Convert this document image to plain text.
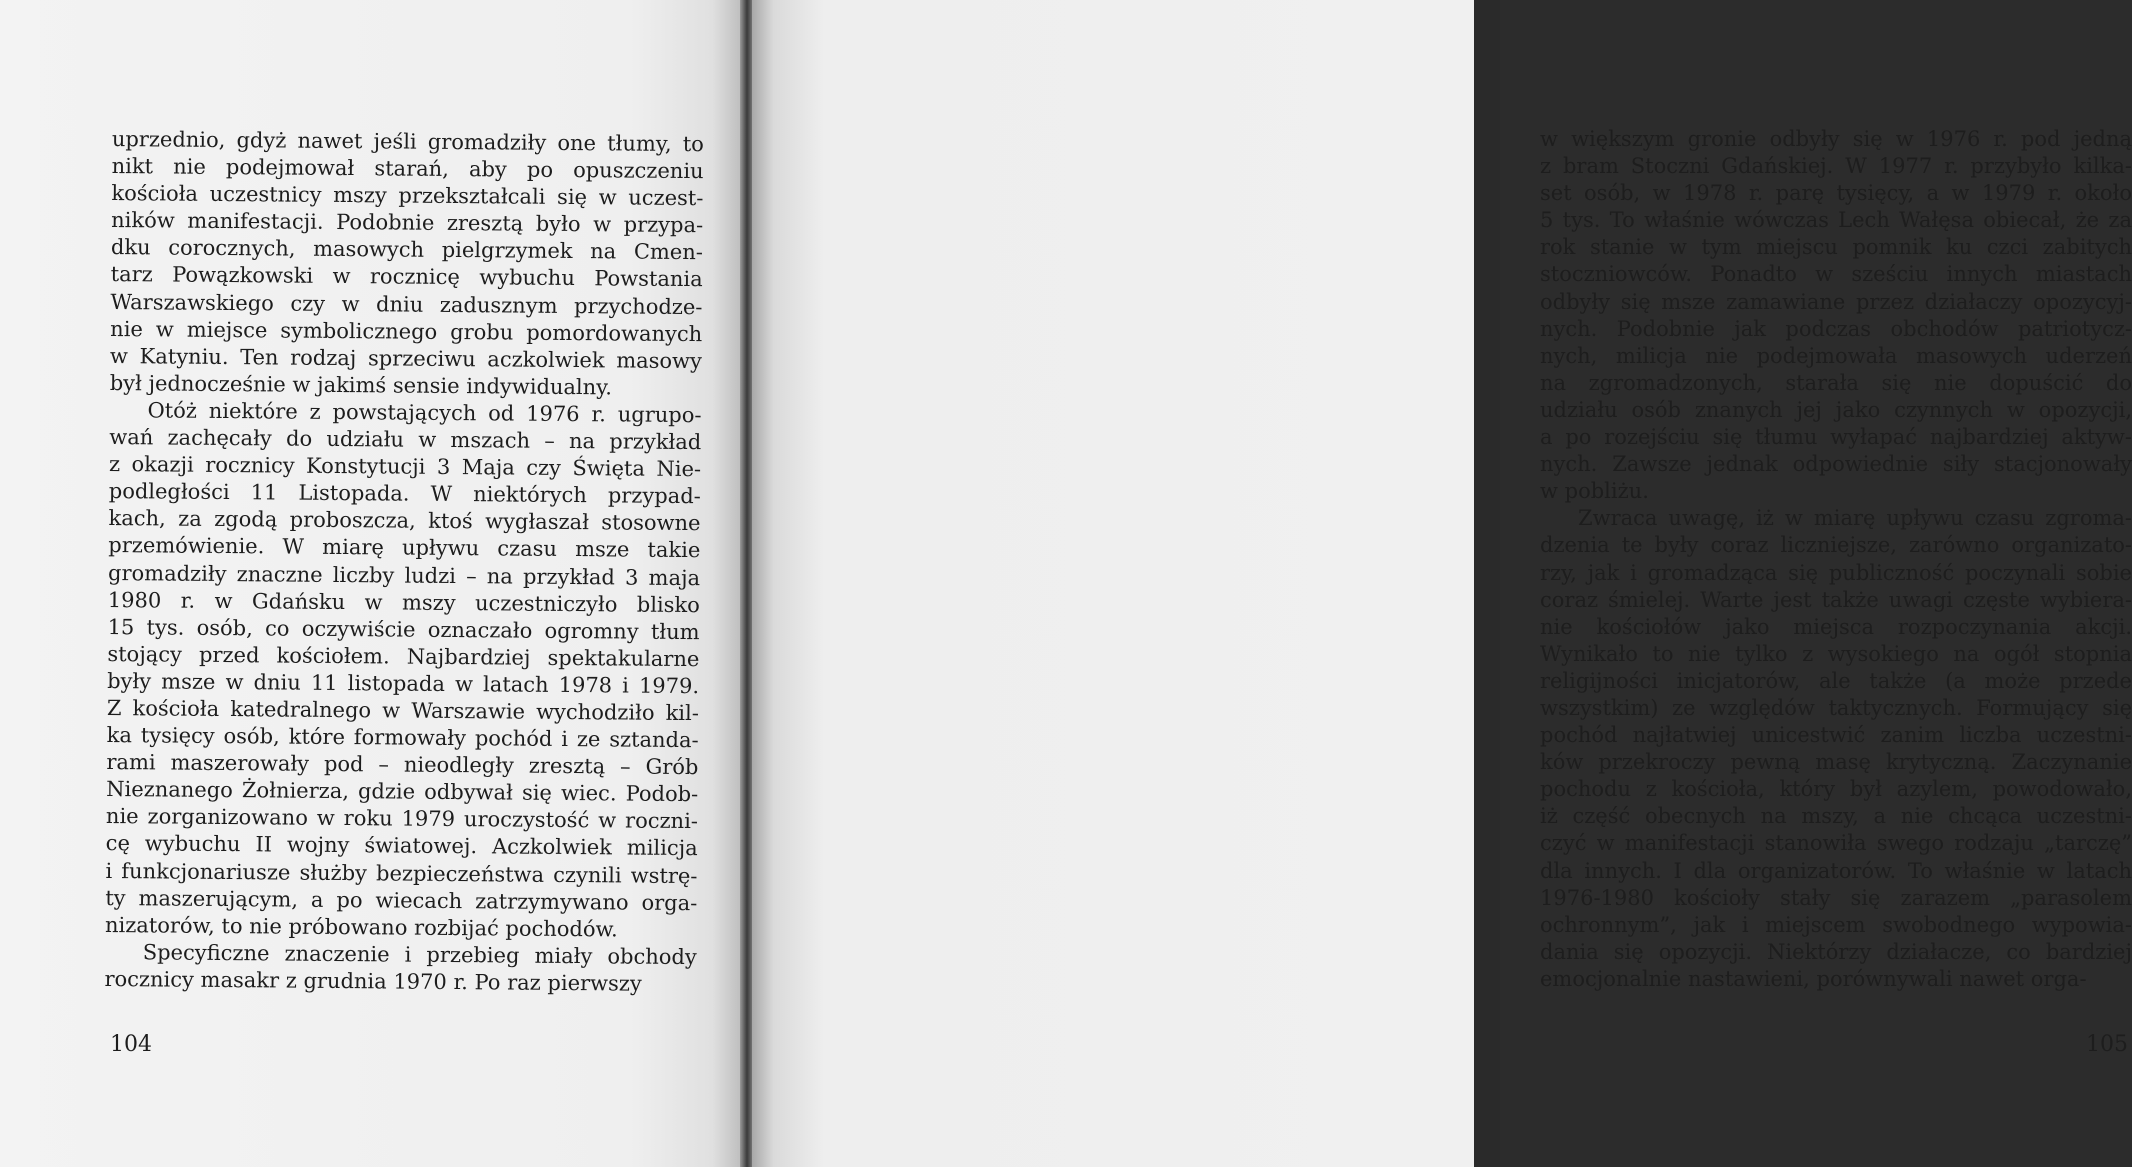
uprzednio, gdyż nawet jeśli gromadziły one tłumy, to
nikt nie podejmował starań, aby po opuszczeniu
kościoła uczestnicy mszy przekształcali się w uczest-
ników manifestacji. Podobnie zresztą było w przypa-
dku corocznych, masowych pielgrzymek na Cmen-
tarz Powązkowski w rocznicę wybuchu Powstania
Warszawskiego czy w dniu zadusznym przychodze-
nie w miejsce symbolicznego grobu pomordowanych
w Katyniu. Ten rodzaj sprzeciwu aczkolwiek masowy
był jednocześnie w jakimś sensie indywidualny.

Otóż niektóre z powstających od 1976 r. ugrupo-
wań zachęcały do udziału w mszach – na przykład
z okazji rocznicy Konstytucji 3 Maja czy Święta Nie-
podległości 11 Listopada. W niektórych przypad-
kach, za zgodą proboszcza, ktoś wygłaszał stosowne
przemówienie. W miarę upływu czasu msze takie
gromadziły znaczne liczby ludzi – na przykład 3 maja
1980 r. w Gdańsku w mszy uczestniczyło blisko
15 tys. osób, co oczywiście oznaczało ogromny tłum
stojący przed kościołem. Najbardziej spektakularne
były msze w dniu 11 listopada w latach 1978 i 1979.
Z kościoła katedralnego w Warszawie wychodziło kil-
ka tysięcy osób, które formowały pochód i ze sztanda-
rami maszerowały pod – nieodległy zresztą – Grób
Nieznanego Żołnierza, gdzie odbywał się wiec. Podob-
nie zorganizowano w roku 1979 uroczystość w roczni-
cę wybuchu II wojny światowej. Aczkolwiek milicja
i funkcjonariusze służby bezpieczeństwa czynili wstrę-
ty maszerującym, a po wiecach zatrzymywano orga-
nizatorów, to nie próbowano rozbijać pochodów.

Specyficzne znaczenie i przebieg miały obchody
rocznicy masakr z grudnia 1970 r. Po raz pierwszy

104

w większym gronie odbyły się w 1976 r. pod jedną
z bram Stoczni Gdańskiej. W 1977 r. przybyło kilka-
set osób, w 1978 r. parę tysięcy, a w 1979 r. około
5 tys. To właśnie wówczas Lech Wałęsa obiecał, że za
rok stanie w tym miejscu pomnik ku czci zabitych
stoczniowców. Ponadto w sześciu innych miastach
odbyły się msze zamawiane przez działaczy opozycyj-
nych. Podobnie jak podczas obchodów patriotycz-
nych, milicja nie podejmowała masowych uderzeń
na zgromadzonych, starała się nie dopuścić do
udziału osób znanych jej jako czynnych w opozycji,
a po rozejściu się tłumu wyłapać najbardziej aktyw-
nych. Zawsze jednak odpowiednie siły stacjonowały
w pobliżu.

Zwraca uwagę, iż w miarę upływu czasu zgroma-
dzenia te były coraz liczniejsze, zarówno organizato-
rzy, jak i gromadząca się publiczność poczynali sobie
coraz śmielej. Warte jest także uwagi częste wybiera-
nie kościołów jako miejsca rozpoczynania akcji.
Wynikało to nie tylko z wysokiego na ogół stopnia
religijności inicjatorów, ale także (a może przede
wszystkim) ze względów taktycznych. Formujący się
pochód najłatwiej unicestwić zanim liczba uczestni-
ków przekroczy pewną masę krytyczną. Zaczynanie
pochodu z kościoła, który był azylem, powodowało,
iż część obecnych na mszy, a nie chcąca uczestni-
czyć w manifestacji stanowiła swego rodzaju „tarczę”
dla innych. I dla organizatorów. To właśnie w latach
1976-1980 kościoły stały się zarazem „parasolem
ochronnym”, jak i miejscem swobodnego wypowia-
dania się opozycji. Niektórzy działacze, co bardziej
emocjonalnie nastawieni, porównywali nawet orga-

105
